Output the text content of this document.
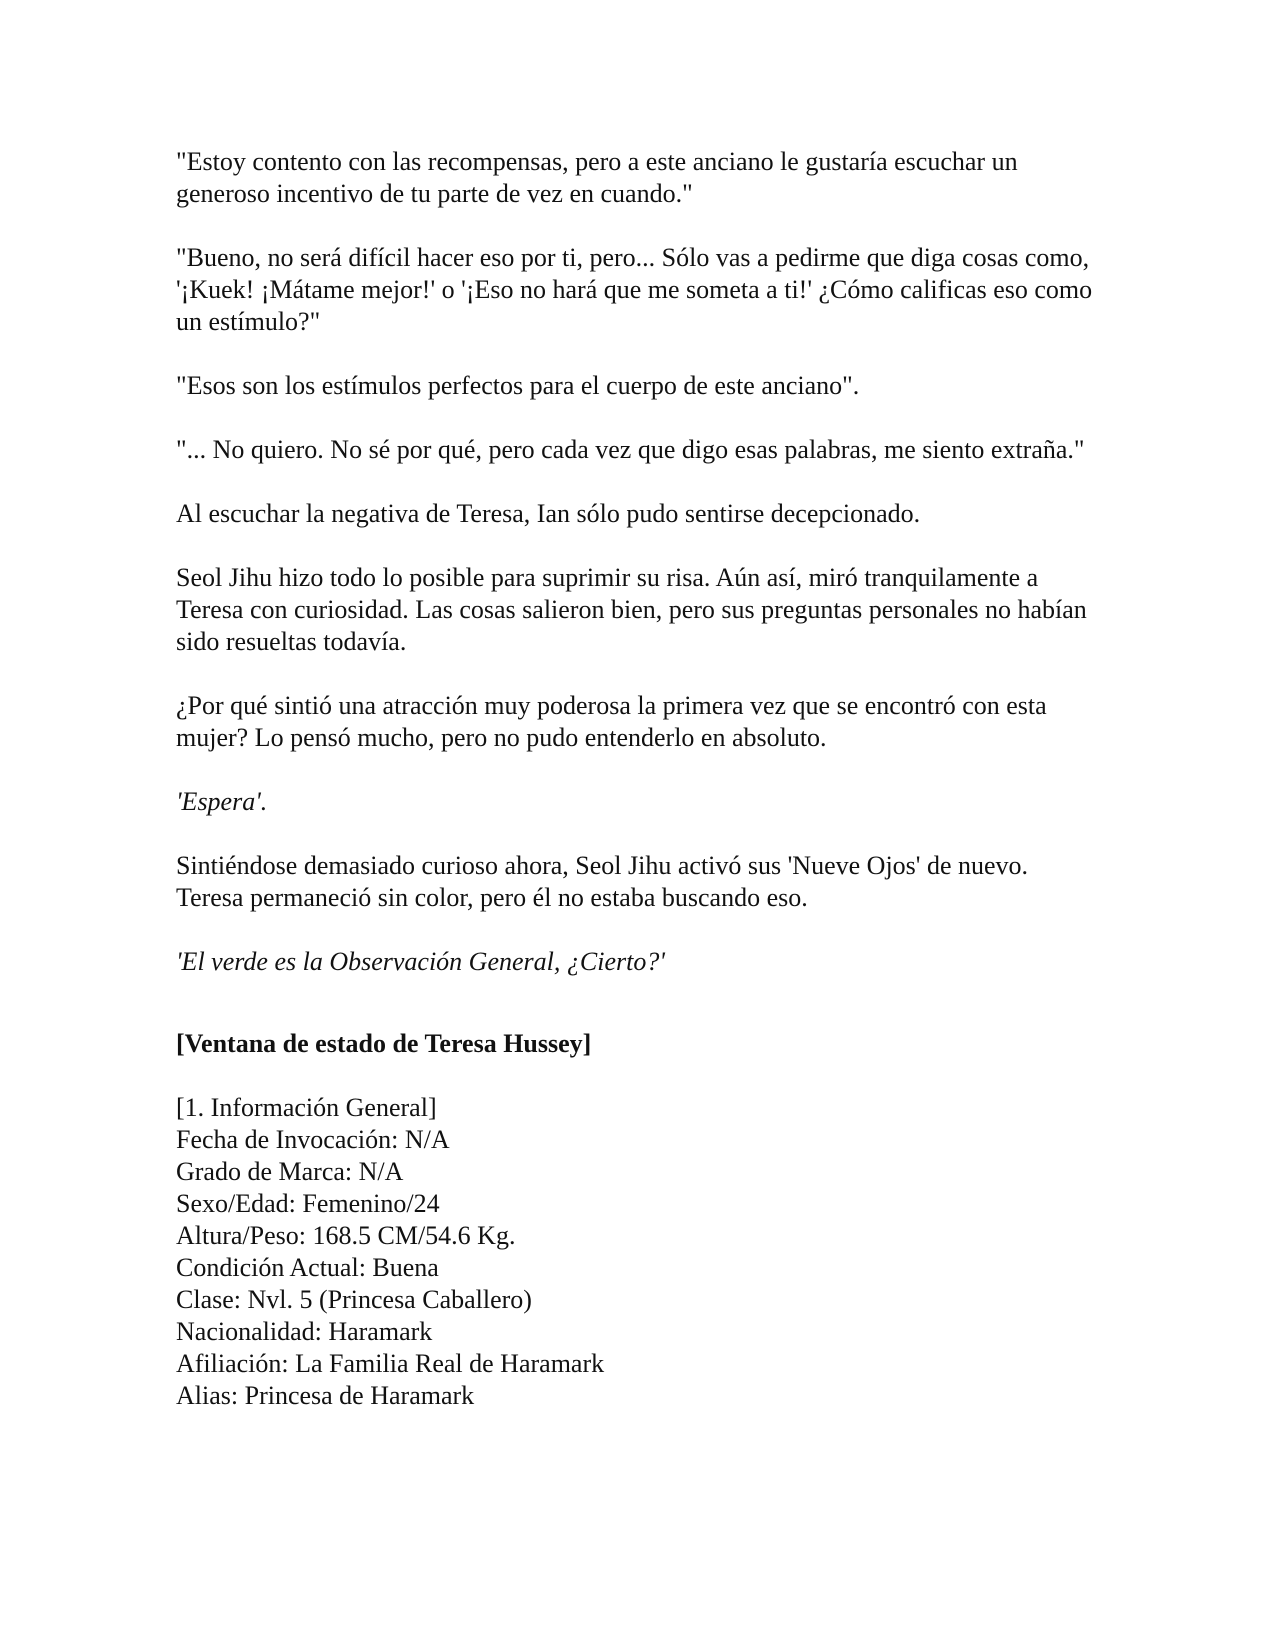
"Estoy contento con las recompensas, pero a este anciano le gustaría escuchar un generoso incentivo de tu parte de vez en cuando."

"Bueno, no será difícil hacer eso por ti, pero... Sólo vas a pedirme que diga cosas como, '¡Kuek! ¡Mátame mejor!' o '¡Eso no hará que me someta a ti!' ¿Cómo calificas eso como un estímulo?"

"Esos son los estímulos perfectos para el cuerpo de este anciano".

"... No quiero. No sé por qué, pero cada vez que digo esas palabras, me siento extraña."

Al escuchar la negativa de Teresa, Ian sólo pudo sentirse decepcionado.

Seol Jihu hizo todo lo posible para suprimir su risa. Aún así, miró tranquilamente a Teresa con curiosidad. Las cosas salieron bien, pero sus preguntas personales no habían sido resueltas todavía.

¿Por qué sintió una atracción muy poderosa la primera vez que se encontró con esta mujer? Lo pensó mucho, pero no pudo entenderlo en absoluto.

'Espera'.

Sintiéndose demasiado curioso ahora, Seol Jihu activó sus 'Nueve Ojos' de nuevo. Teresa permaneció sin color, pero él no estaba buscando eso.

'El verde es la Observación General, ¿Cierto?'

[Ventana de estado de Teresa Hussey]

[1. Información General]
Fecha de Invocación: N/A
Grado de Marca: N/A
Sexo/Edad: Femenino/24
Altura/Peso: 168.5 CM/54.6 Kg.
Condición Actual: Buena
Clase: Nvl. 5 (Princesa Caballero)
Nacionalidad: Haramark
Afiliación: La Familia Real de Haramark
Alias: Princesa de Haramark
